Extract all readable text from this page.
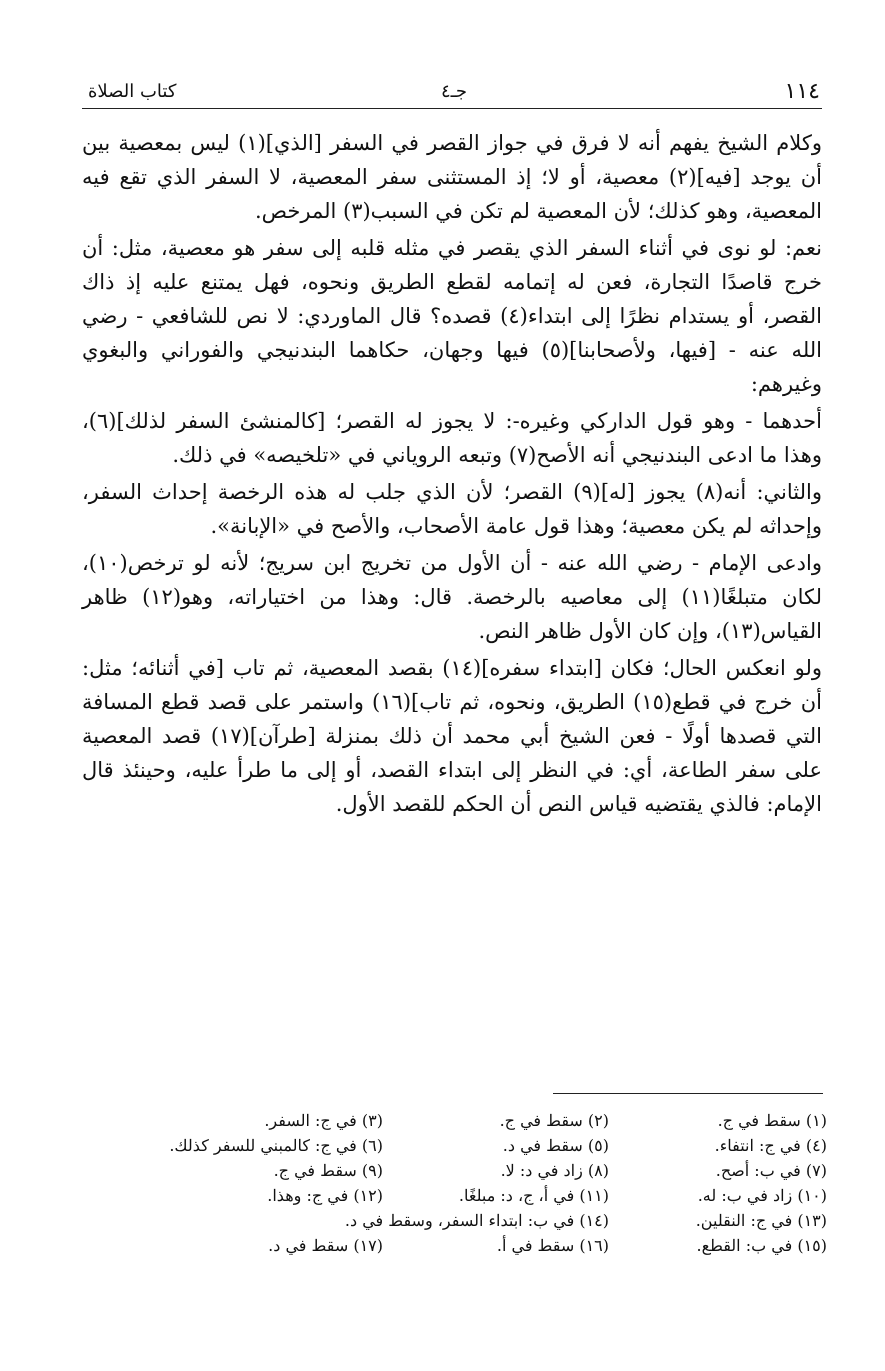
١١٤
جـ٤
كتاب الصلاة

وكلام الشيخ يفهم أنه لا فرق في جواز القصر في السفر [الذي](١) ليس بمعصية بين أن يوجد [فيه](٢) معصية، أو لا؛ إذ المستثنى سفر المعصية، لا السفر الذي تقع فيه المعصية، وهو كذلك؛ لأن المعصية لم تكن في السبب(٣) المرخص.

نعم: لو نوى في أثناء السفر الذي يقصر في مثله قلبه إلى سفر هو معصية، مثل: أن خرج قاصدًا التجارة، فعن له إتمامه لقطع الطريق ونحوه، فهل يمتنع عليه إذ ذاك القصر، أو يستدام نظرًا إلى ابتداء(٤) قصده؟ قال الماوردي: لا نص للشافعي - رضي الله عنه - [فيها، ولأصحابنا](٥) فيها وجهان، حكاهما البندنيجي والفوراني والبغوي وغيرهم:

أحدهما - وهو قول الداركي وغيره-: لا يجوز له القصر؛ [كالمنشئ السفر لذلك](٦)، وهذا ما ادعى البندنيجي أنه الأصح(٧) وتبعه الروياني في «تلخيصه» في ذلك.

والثاني: أنه(٨) يجوز [له](٩) القصر؛ لأن الذي جلب له هذه الرخصة إحداث السفر، وإحداثه لم يكن معصية؛ وهذا قول عامة الأصحاب، والأصح في «الإبانة».

وادعى الإمام - رضي الله عنه - أن الأول من تخريج ابن سريج؛ لأنه لو ترخص(١٠)، لكان متبلغًا(١١) إلى معاصيه بالرخصة. قال: وهذا من اختياراته، وهو(١٢) ظاهر القياس(١٣)، وإن كان الأول ظاهر النص.

ولو انعكس الحال؛ فكان [ابتداء سفره](١٤) بقصد المعصية، ثم تاب [في أثنائه؛ مثل: أن خرج في قطع(١٥) الطريق، ونحوه، ثم تاب](١٦) واستمر على قصد قطع المسافة التي قصدها أولًا - فعن الشيخ أبي محمد أن ذلك بمنزلة [طرآن](١٧) قصد المعصية على سفر الطاعة، أي: في النظر إلى ابتداء القصد، أو إلى ما طرأ عليه، وحينئذ قال الإمام: فالذي يقتضيه قياس النص أن الحكم للقصد الأول.

(١) سقط في ج.
(٢) سقط في ج.
(٣) في ج: السفر.
(٤) في ج: انتفاء.
(٥) سقط في د.
(٦) في ج: كالمبني للسفر كذلك.
(٧) في ب: أصح.
(٨) زاد في د: لا.
(٩) سقط في ج.
(١٠) زاد في ب: له.
(١١) في أ، ج، د: مبلغًا.
(١٢) في ج: وهذا.
(١٣) في ج: النقلين.
(١٤) في ب: ابتداء السفر، وسقط في د.
(١٥) في ب: القطع.
(١٦) سقط في أ.
(١٧) سقط في د.
